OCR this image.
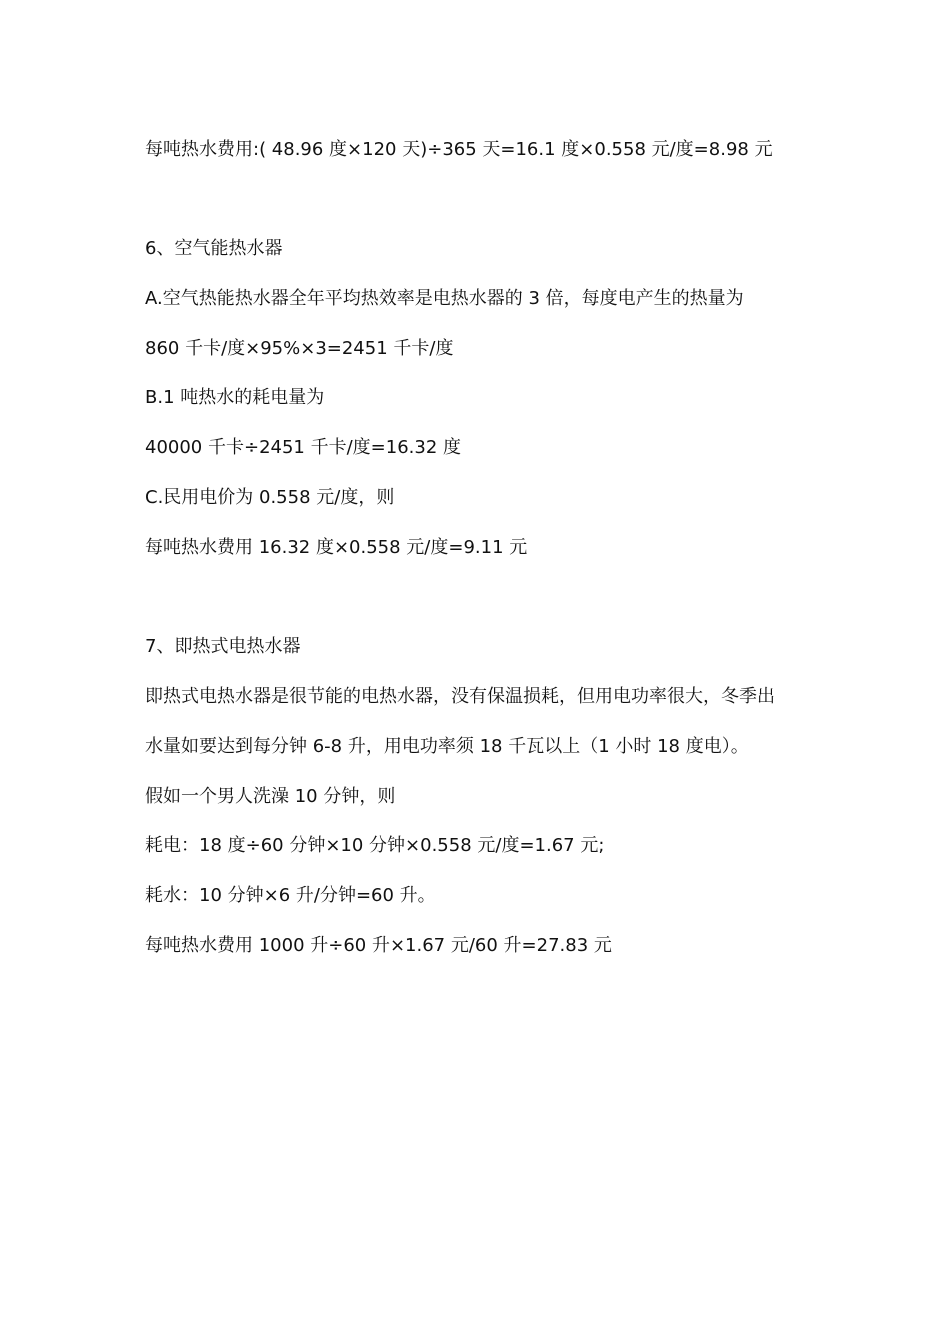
每吨热水费用:( 48.96 度×120 天)÷365 天=16.1 度×0.558 元/度=8.98 元
6、空气能热水器
A.空气热能热水器全年平均热效率是电热水器的 3 倍，每度电产生的热量为
860 千卡/度×95%×3=2451 千卡/度
B.1 吨热水的耗电量为
40000 千卡÷2451 千卡/度=16.32 度
C.民用电价为 0.558 元/度，则
每吨热水费用 16.32 度×0.558 元/度=9.11 元
7、即热式电热水器
即热式电热水器是很节能的电热水器，没有保温损耗，但用电功率很大，冬季出
水量如要达到每分钟 6-8 升，用电功率须 18 千瓦以上（1 小时 18 度电）。
假如一个男人洗澡 10 分钟，则
耗电：18 度÷60 分钟×10 分钟×0.558 元/度=1.67 元;
耗水：10 分钟×6 升/分钟=60 升。
每吨热水费用 1000 升÷60 升×1.67 元/60 升=27.83 元
